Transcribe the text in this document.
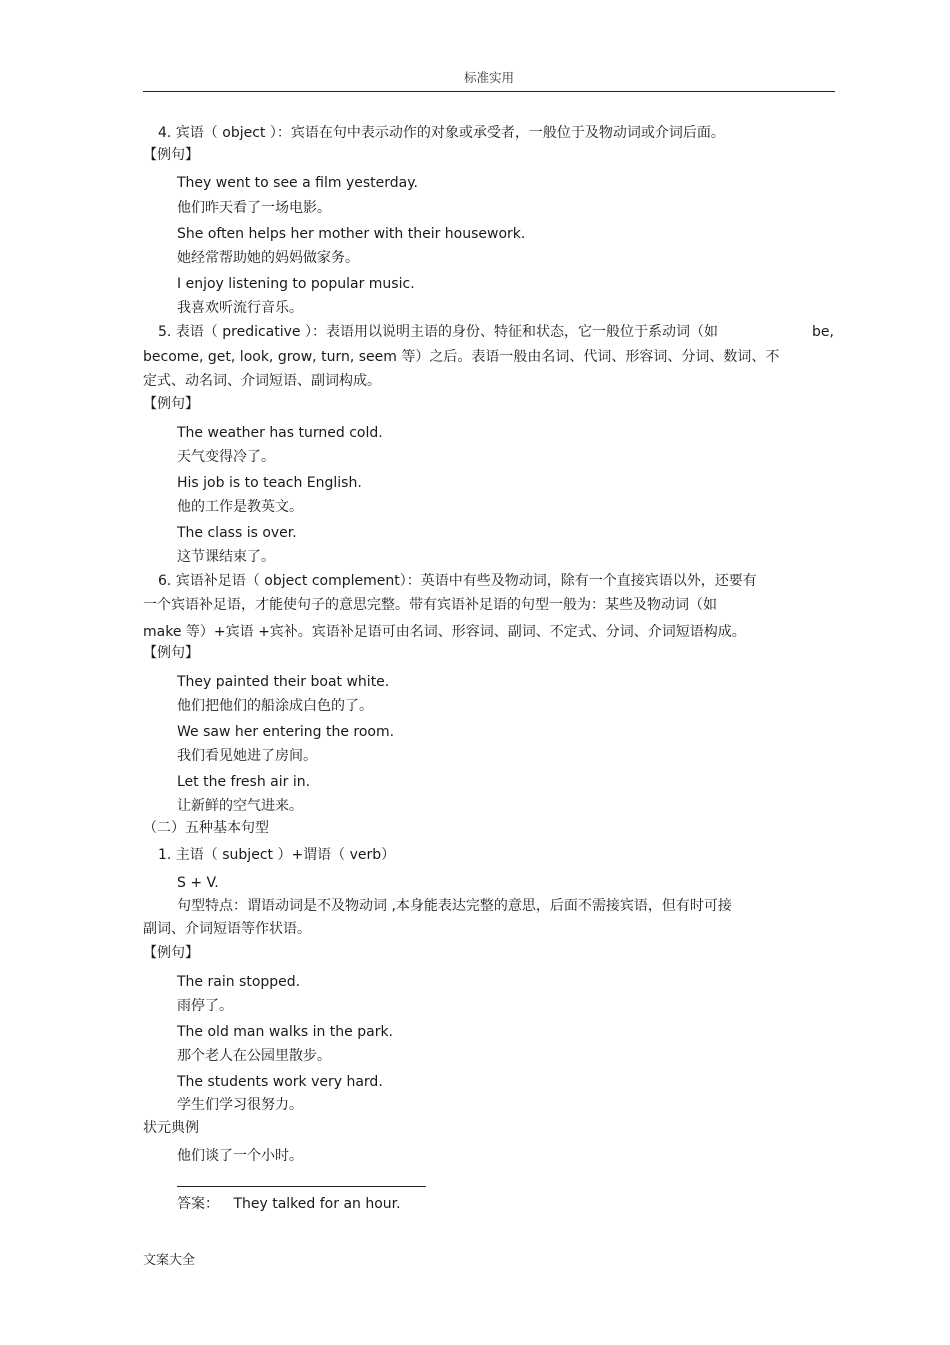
标准实用
4. 宾语（ object ）：宾语在句中表示动作的对象或承受者，一般位于及物动词或介词后面。
【例句】
They went to see a film yesterday.
他们昨天看了一场电影。
She often helps her mother with their housework.
她经常帮助她的妈妈做家务。
I enjoy listening to popular music.
我喜欢听流行音乐。
5. 表语（ predicative ）：表语用以说明主语的身份、特征和状态，它一般位于系动词（如	be,
become, get, look, grow, turn, seem 等）之后。表语一般由名词、代词、形容词、分词、数词、不
定式、动名词、介词短语、副词构成。
【例句】
The weather has turned cold.
天气变得冷了。
His job is to teach English.
他的工作是教英文。
The class is over.
这节课结束了。
6. 宾语补足语（ object complement）：英语中有些及物动词，除有一个直接宾语以外，还要有
一个宾语补足语，才能使句子的意思完整。带有宾语补足语的句型一般为：某些及物动词（如
make 等）+宾语 +宾补。宾语补足语可由名词、形容词、副词、不定式、分词、介词短语构成。
【例句】
They painted their boat white.
他们把他们的船涂成白色的了。
We saw her entering the room.
我们看见她进了房间。
Let the fresh air in.
让新鲜的空气进来。
（二）五种基本句型
1. 主语（ subject ）+谓语（ verb）
S + V.
句型特点：谓语动词是不及物动词 ,本身能表达完整的意思，后面不需接宾语，但有时可接
副词、介词短语等作状语。
【例句】
The rain stopped.
雨停了。
The old man walks in the park.
那个老人在公园里散步。
The students work very hard.
学生们学习很努力。
状元典例
他们谈了一个小时。
答案： They talked for an hour.
文案大全
